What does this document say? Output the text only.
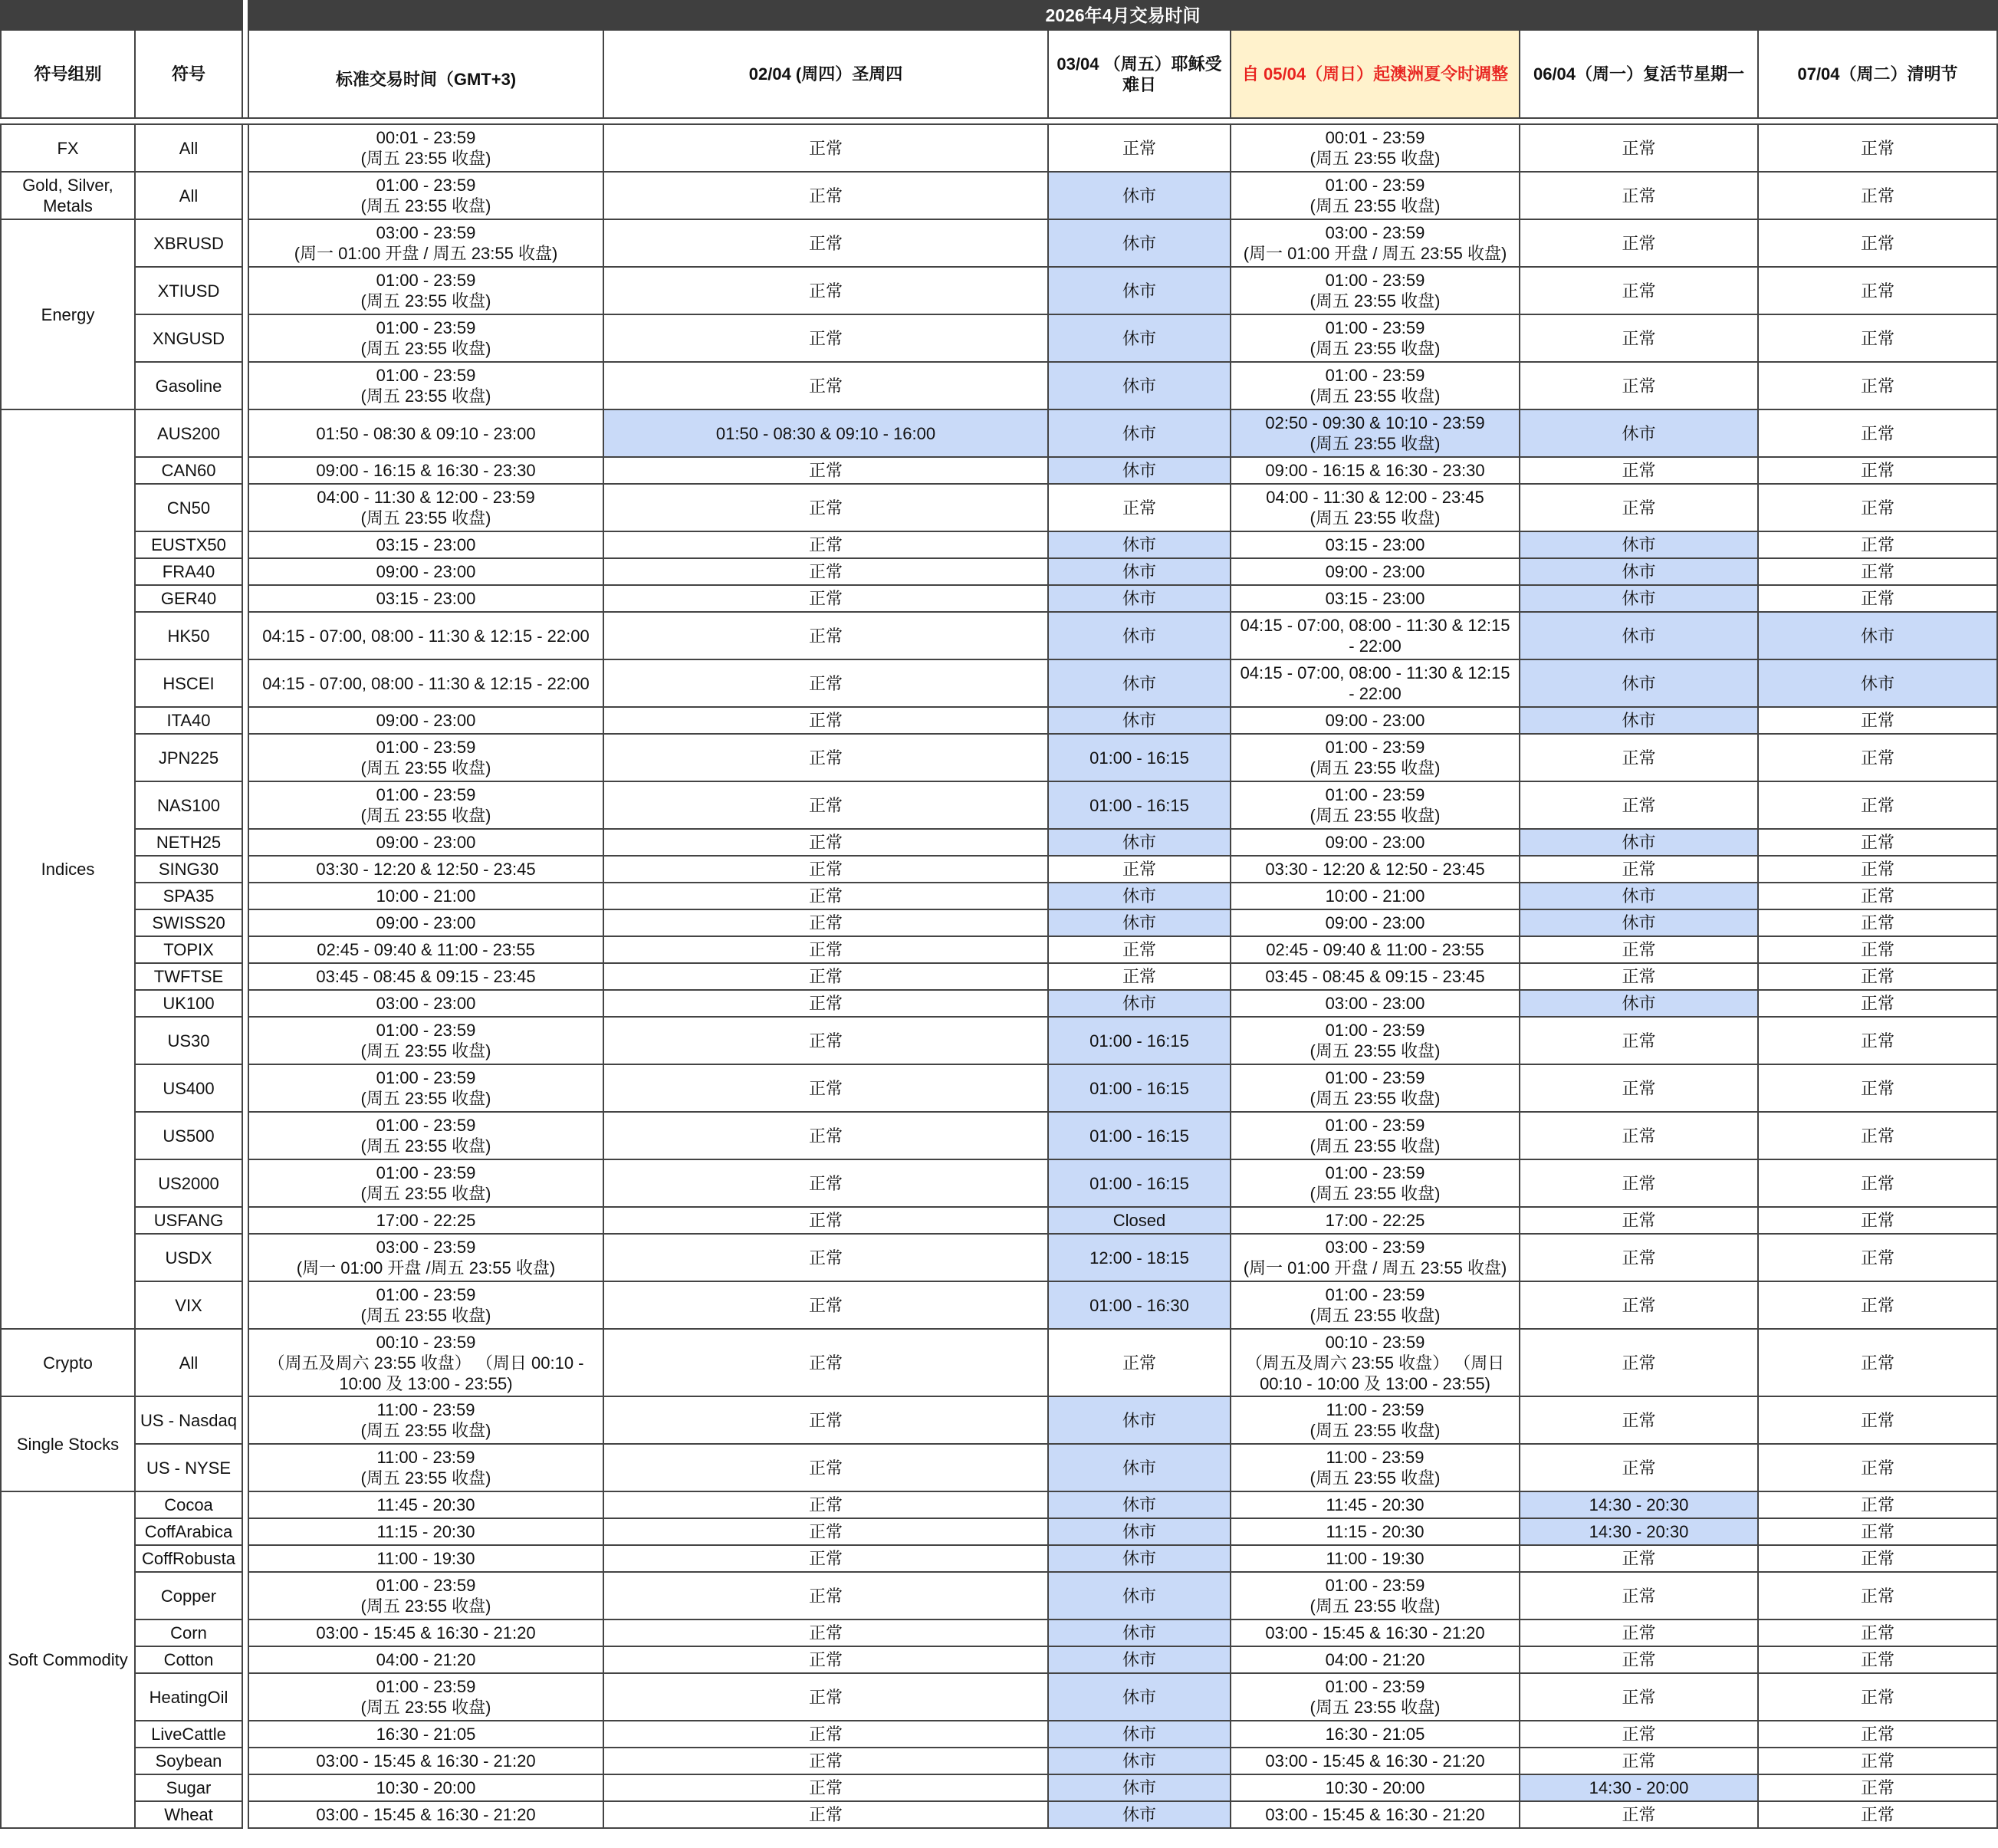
			2026年4月交易时间					
符号组别	符号		标准交易时间（GMT+3)	02/04 (周四）圣周四	03/04 （周五）耶稣受难日	自 05/04（周日）起澳洲夏令时调整	06/04（周一）复活节星期一	07/04（周二）清明节

FX	All		00:01 - 23:59
(周五 23:55 收盘)	正常	正常	00:01 - 23:59
(周五 23:55 收盘)	正常	正常
Gold, Silver,
Metals	All		01:00 - 23:59
(周五 23:55 收盘)	正常	休市	01:00 - 23:59
(周五 23:55 收盘)	正常	正常
Energy	XBRUSD		03:00 - 23:59
(周一 01:00 开盘 / 周五 23:55 收盘)	正常	休市	03:00 - 23:59
(周一 01:00 开盘 / 周五 23:55 收盘)	正常	正常
	XTIUSD		01:00 - 23:59
(周五 23:55 收盘)	正常	休市	01:00 - 23:59
(周五 23:55 收盘)	正常	正常
	XNGUSD		01:00 - 23:59
(周五 23:55 收盘)	正常	休市	01:00 - 23:59
(周五 23:55 收盘)	正常	正常
	Gasoline		01:00 - 23:59
(周五 23:55 收盘)	正常	休市	01:00 - 23:59
(周五 23:55 收盘)	正常	正常
Indices	AUS200		01:50 - 08:30 & 09:10 - 23:00	01:50 - 08:30 & 09:10 - 16:00	休市	02:50 - 09:30 & 10:10 - 23:59
(周五 23:55 收盘)	休市	正常
	CAN60		09:00 - 16:15 & 16:30 - 23:30	正常	休市	09:00 - 16:15 & 16:30 - 23:30	正常	正常
	CN50		04:00 - 11:30 & 12:00 - 23:59
(周五 23:55 收盘)	正常	正常	04:00 - 11:30 & 12:00 - 23:45
(周五 23:55 收盘)	正常	正常
	EUSTX50		03:15 - 23:00	正常	休市	03:15 - 23:00	休市	正常
	FRA40		09:00 - 23:00	正常	休市	09:00 - 23:00	休市	正常
	GER40		03:15 - 23:00	正常	休市	03:15 - 23:00	休市	正常
	HK50		04:15 - 07:00, 08:00 - 11:30 & 12:15 - 22:00	正常	休市	04:15 - 07:00, 08:00 - 11:30 & 12:15
- 22:00	休市	休市
	HSCEI		04:15 - 07:00, 08:00 - 11:30 & 12:15 - 22:00	正常	休市	04:15 - 07:00, 08:00 - 11:30 & 12:15
- 22:00	休市	休市
	ITA40		09:00 - 23:00	正常	休市	09:00 - 23:00	休市	正常
	JPN225		01:00 - 23:59
(周五 23:55 收盘)	正常	01:00 - 16:15	01:00 - 23:59
(周五 23:55 收盘)	正常	正常
	NAS100		01:00 - 23:59
(周五 23:55 收盘)	正常	01:00 - 16:15	01:00 - 23:59
(周五 23:55 收盘)	正常	正常
	NETH25		09:00 - 23:00	正常	休市	09:00 - 23:00	休市	正常
	SING30		03:30 - 12:20 & 12:50 - 23:45	正常	正常	03:30 - 12:20 & 12:50 - 23:45	正常	正常
	SPA35		10:00 - 21:00	正常	休市	10:00 - 21:00	休市	正常
	SWISS20		09:00 - 23:00	正常	休市	09:00 - 23:00	休市	正常
	TOPIX		02:45 - 09:40 & 11:00 - 23:55	正常	正常	02:45 - 09:40 & 11:00 - 23:55	正常	正常
	TWFTSE		03:45 - 08:45 & 09:15 - 23:45	正常	正常	03:45 - 08:45 & 09:15 - 23:45	正常	正常
	UK100		03:00 - 23:00	正常	休市	03:00 - 23:00	休市	正常
	US30		01:00 - 23:59
(周五 23:55 收盘)	正常	01:00 - 16:15	01:00 - 23:59
(周五 23:55 收盘)	正常	正常
	US400		01:00 - 23:59
(周五 23:55 收盘)	正常	01:00 - 16:15	01:00 - 23:59
(周五 23:55 收盘)	正常	正常
	US500		01:00 - 23:59
(周五 23:55 收盘)	正常	01:00 - 16:15	01:00 - 23:59
(周五 23:55 收盘)	正常	正常
	US2000		01:00 - 23:59
(周五 23:55 收盘)	正常	01:00 - 16:15	01:00 - 23:59
(周五 23:55 收盘)	正常	正常
	USFANG		17:00 - 22:25	正常	Closed	17:00 - 22:25	正常	正常
	USDX		03:00 - 23:59
(周一 01:00 开盘 /周五 23:55 收盘)	正常	12:00 - 18:15	03:00 - 23:59
(周一 01:00 开盘 / 周五 23:55 收盘)	正常	正常
	VIX		01:00 - 23:59
(周五 23:55 收盘)	正常	01:00 - 16:30	01:00 - 23:59
(周五 23:55 收盘)	正常	正常
Crypto	All		00:10 - 23:59
（周五及周六 23:55 收盘） （周日 00:10 -
10:00 及 13:00 - 23:55)	正常	正常	00:10 - 23:59
（周五及周六 23:55 收盘） （周日
00:10 - 10:00 及 13:00 - 23:55)	正常	正常
Single Stocks	US - Nasdaq		11:00 - 23:59
(周五 23:55 收盘)	正常	休市	11:00 - 23:59
(周五 23:55 收盘)	正常	正常
	US - NYSE		11:00 - 23:59
(周五 23:55 收盘)	正常	休市	11:00 - 23:59
(周五 23:55 收盘)	正常	正常
Soft Commodity	Cocoa		11:45 - 20:30	正常	休市	11:45 - 20:30	14:30 - 20:30	正常
	CoffArabica		11:15 - 20:30	正常	休市	11:15 - 20:30	14:30 - 20:30	正常
	CoffRobusta		11:00 - 19:30	正常	休市	11:00 - 19:30	正常	正常
	Copper		01:00 - 23:59
(周五 23:55 收盘)	正常	休市	01:00 - 23:59
(周五 23:55 收盘)	正常	正常
	Corn		03:00 - 15:45 & 16:30 - 21:20	正常	休市	03:00 - 15:45 & 16:30 - 21:20	正常	正常
	Cotton		04:00 - 21:20	正常	休市	04:00 - 21:20	正常	正常
	HeatingOil		01:00 - 23:59
(周五 23:55 收盘)	正常	休市	01:00 - 23:59
(周五 23:55 收盘)	正常	正常
	LiveCattle		16:30 - 21:05	正常	休市	16:30 - 21:05	正常	正常
	Soybean		03:00 - 15:45 & 16:30 - 21:20	正常	休市	03:00 - 15:45 & 16:30 - 21:20	正常	正常
	Sugar		10:30 - 20:00	正常	休市	10:30 - 20:00	14:30 - 20:00	正常
	Wheat		03:00 - 15:45 & 16:30 - 21:20	正常	休市	03:00 - 15:45 & 16:30 - 21:20	正常	正常
